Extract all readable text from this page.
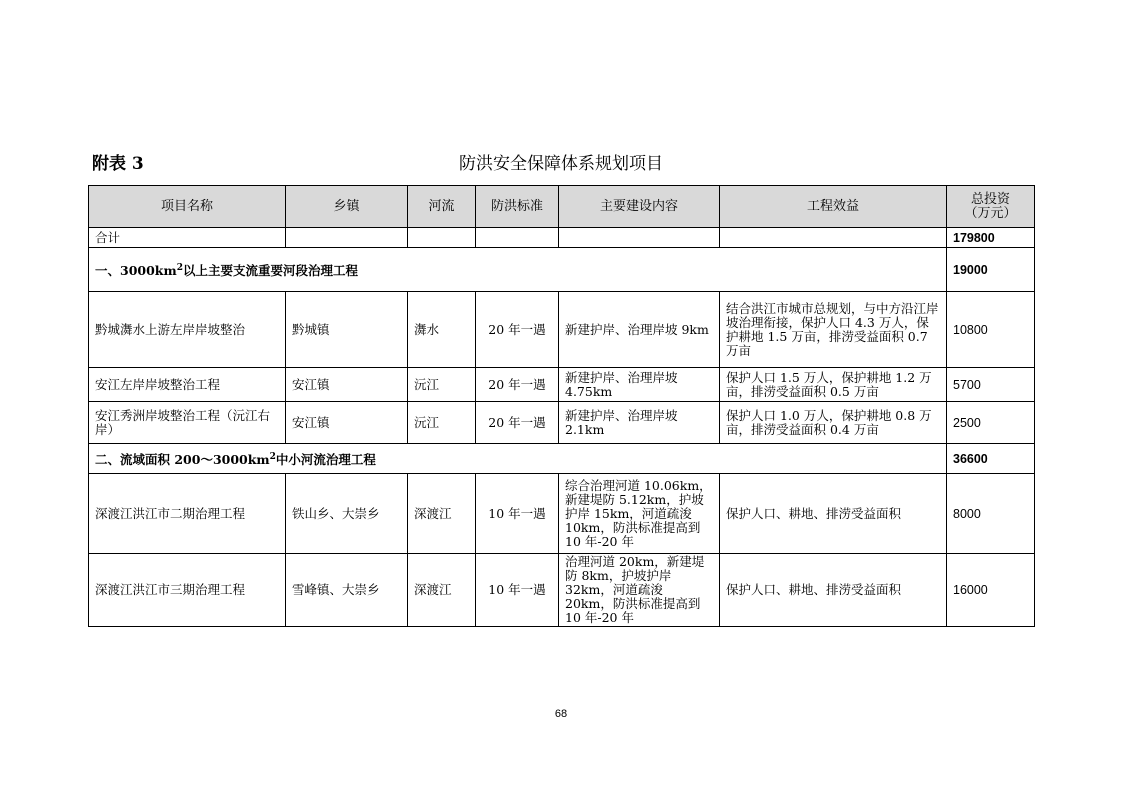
附表 3	防洪安全保障体系规划项目
项目名称	乡镇	河流	防洪标准	主要建设内容	工程效益	总投资
（万元）
合计						179800
一、$3000km^2$以上主要支流重要河段治理工程						19000
黔城㵲水上游左岸岸坡整治	黔城镇	㵲水	20 年一遇	新建护岸、治理岸坡 9km	结合洪江市城市总规划，与中方沿江岸坡治理衔接，保护人口 4.3 万人，保护耕地 1.5 万亩，排涝受益面积 0.7 万亩	10800
安江左岸岸坡整治工程	安江镇	沅江	20 年一遇	新建护岸、治理岸坡 4.75km	保护人口 1.5 万人，保护耕地 1.2 万亩，排涝受益面积 0.5 万亩	5700
安江秀洲岸坡整治工程（沅江右岸）	安江镇	沅江	20 年一遇	新建护岸、治理岸坡 2.1km	保护人口 1.0 万人，保护耕地 0.8 万亩，排涝受益面积 0.4 万亩	2500
二、流域面积 $200\sim 3000km^2$中小河流治理工程						36600
深渡江洪江市二期治理工程	铁山乡、大崇乡	深渡江	10 年一遇	综合治理河道 10.06km，新建堤防 5.12km，护坡护岸 15km，河道疏浚 10km，防洪标准提高到 10 年-20 年	保护人口、耕地、排涝受益面积	8000
深渡江洪江市三期治理工程	雪峰镇、大崇乡	深渡江	10 年一遇	治理河道 20km，新建堤防 8km，护坡护岸 32km，河道疏浚 20km，防洪标准提高到 10 年-20 年	保护人口、耕地、排涝受益面积	16000
68
